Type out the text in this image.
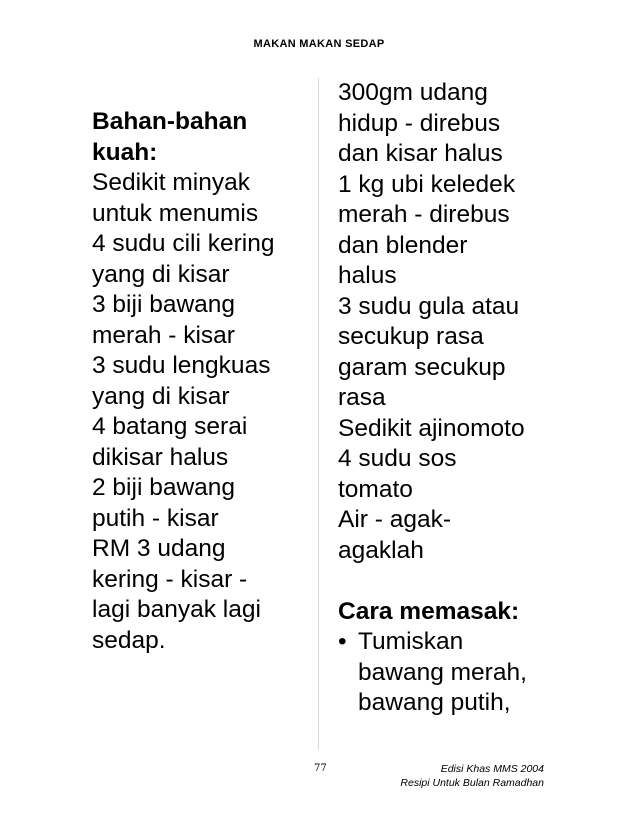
MAKAN MAKAN SEDAP
Bahan-bahan
kuah:
Sedikit minyak
untuk menumis
4 sudu cili kering
yang di kisar
3 biji bawang
merah - kisar
3 sudu lengkuas
yang di kisar
4 batang serai
dikisar halus
2 biji bawang
putih - kisar
RM 3 udang
kering - kisar -
lagi banyak lagi
sedap.
300gm udang
hidup - direbus
dan kisar halus
1 kg ubi keledek
merah - direbus
dan blender
halus
3 sudu gula atau
secukup rasa
garam secukup
rasa
Sedikit ajinomoto
4 sudu sos
tomato
Air - agak-
agaklah
Cara memasak:
• Tumiskan
bawang merah,
bawang putih,
77	Edisi Khas MMS 2004
Resipi Untuk Bulan Ramadhan
